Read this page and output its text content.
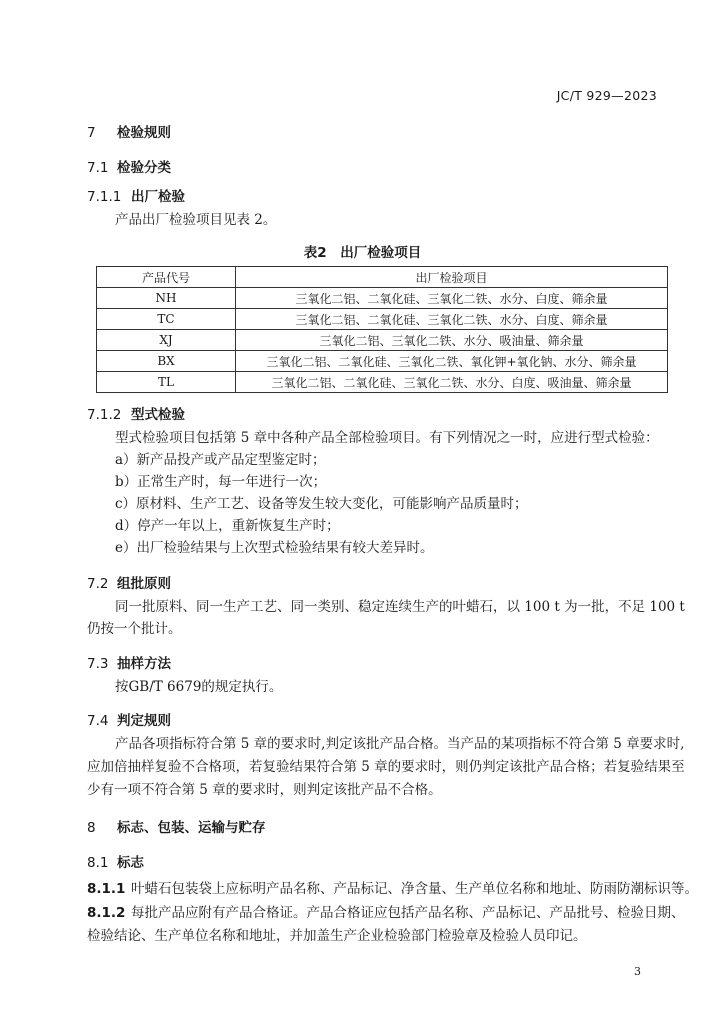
JC/T 929—2023
7 检验规则
7.1 检验分类
7.1.1 出厂检验
产品出厂检验项目见表 2。
表2　出厂检验项目
产品代号	出厂检验项目
NH	三氧化二铝、二氧化硅、三氧化二铁、水分、白度、筛余量
TC	三氧化二铝、二氧化硅、三氧化二铁、水分、白度、筛余量
XJ	三氧化二铝、三氧化二铁、水分、吸油量、筛余量
BX	三氧化二铝、二氧化硅、三氧化二铁、氧化钾+氧化钠、水分、筛余量
TL	三氧化二铝、二氧化硅、三氧化二铁、水分、白度、吸油量、筛余量
7.1.2 型式检验
型式检验项目包括第 5 章中各种产品全部检验项目。有下列情况之一时，应进行型式检验：
a）新产品投产或产品定型鉴定时；
b）正常生产时，每一年进行一次；
c）原材料、生产工艺、设备等发生较大变化，可能影响产品质量时；
d）停产一年以上，重新恢复生产时；
e）出厂检验结果与上次型式检验结果有较大差异时。
7.2 组批原则
同一批原料、同一生产工艺、同一类别、稳定连续生产的叶蜡石，以 100 t 为一批，不足 100 t
仍按一个批计。
7.3 抽样方法
按GB/T 6679的规定执行。
7.4 判定规则
产品各项指标符合第 5 章的要求时,判定该批产品合格。当产品的某项指标不符合第 5 章要求时,
应加倍抽样复验不合格项，若复验结果符合第 5 章的要求时，则仍判定该批产品合格；若复验结果至
少有一项不符合第 5 章的要求时，则判定该批产品不合格。
8 标志、包装、运输与贮存
8.1 标志
8.1.1 叶蜡石包装袋上应标明产品名称、产品标记、净含量、生产单位名称和地址、防雨防潮标识等。
8.1.2 每批产品应附有产品合格证。产品合格证应包括产品名称、产品标记、产品批号、检验日期、
检验结论、生产单位名称和地址，并加盖生产企业检验部门检验章及检验人员印记。
3
